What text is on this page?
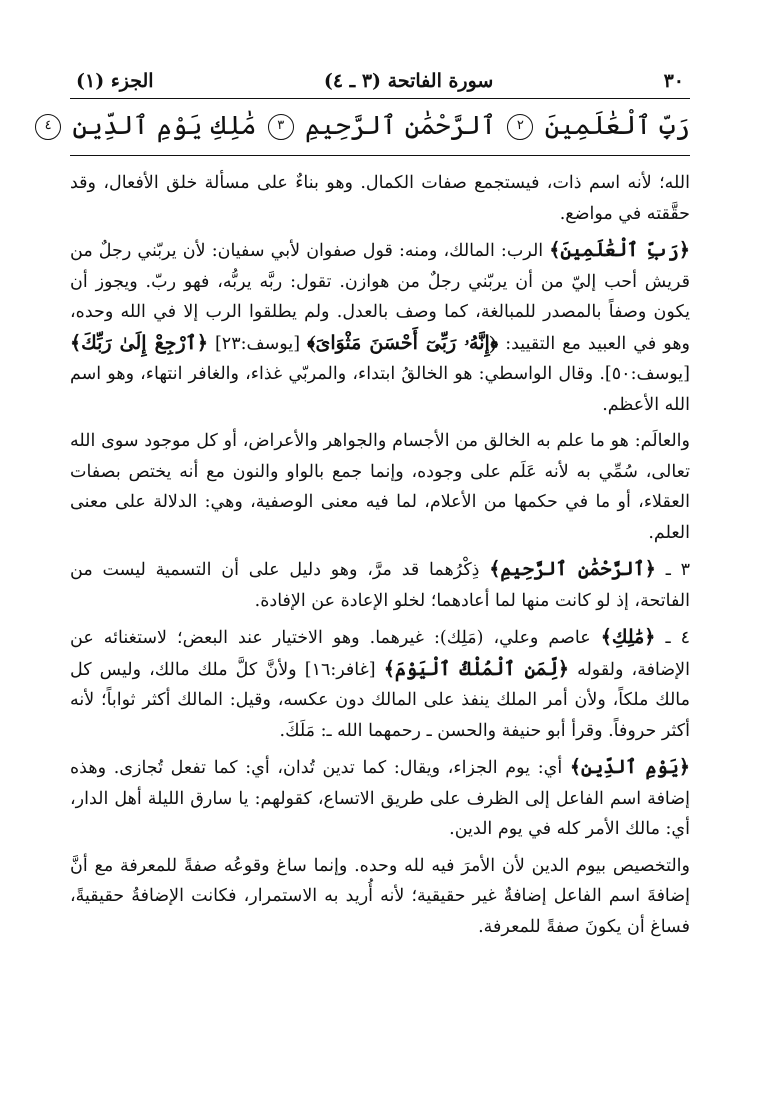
٣٠
سورة الفاتحة (٣ ـ ٤)
الجزء (١)
رَبِّ ٱلْعَٰلَمِينَ ٢ ٱلرَّحْمَٰنِ ٱلرَّحِيمِ ٣ مَٰلِكِ يَوْمِ ٱلدِّينِ ٤

الله؛ لأنه اسم ذات، فيستجمع صفات الكمال. وهو بناءٌ على مسألة خلق الأفعال، وقد حقَّقته في مواضع.

﴿رَبِّ ٱلْعَٰلَمِينَ﴾ الرب: المالك، ومنه: قول صفوان لأبي سفيان: لأن يربّني رجلٌ من قريش أحب إليّ من أن يربّني رجلٌ من هوازن. تقول: ربَّه يربُّه، فهو ربّ. ويجوز أن يكون وصفاً بالمصدر للمبالغة، كما وصف بالعدل. ولم يطلقوا الرب إلا في الله وحده، وهو في العبيد مع التقييد: ﴿إِنَّهُۥ رَبِّىٓ أَحْسَنَ مَثْوَاىَ﴾ [يوسف:٢٣] ﴿ٱرْجِعْ إِلَىٰ رَبِّكَ﴾ [يوسف:٥٠]. وقال الواسطي: هو الخالقُ ابتداء، والمربّي غذاء، والغافر انتهاء، وهو اسم الله الأعظم.

والعالَم: هو ما علم به الخالق من الأجسام والجواهر والأعراض، أو كل موجود سوى الله تعالى، سُمِّي به لأنه عَلَم على وجوده، وإنما جمع بالواو والنون مع أنه يختص بصفات العقلاء، أو ما في حكمها من الأعلام، لما فيه معنى الوصفية، وهي: الدلالة على معنى العلم.

٣ ـ ﴿ٱلرَّحْمَٰنِ ٱلرَّحِيمِ﴾ ذِكْرُهما قد مرَّ، وهو دليل على أن التسمية ليست من الفاتحة، إذ لو كانت منها لما أعادهما؛ لخلو الإعادة عن الإفادة.

٤ ـ ﴿مَٰلِكِ﴾ عاصم وعلي، (مَلِك): غيرهما. وهو الاختيار عند البعض؛ لاستغنائه عن الإضافة، ولقوله ﴿لِّمَنِ ٱلْمُلْكُ ٱلْيَوْمَ﴾ [غافر:١٦] ولأنَّ كلَّ ملك مالك، وليس كل مالك ملكاً، ولأن أمر الملك ينفذ على المالك دون عكسه، وقيل: المالك أكثر ثواباً؛ لأنه أكثر حروفاً. وقرأ أبو حنيفة والحسن ـ رحمهما الله ـ: مَلَكَ.

﴿يَوْمِ ٱلدِّينِ﴾ أي: يوم الجزاء، ويقال: كما تدين تُدان، أي: كما تفعل تُجازى. وهذه إضافة اسم الفاعل إلى الظرف على طريق الاتساع، كقولهم: يا سارق الليلة أهل الدار، أي: مالك الأمر كله في يوم الدين.

والتخصيص بيوم الدين لأن الأمرَ فيه لله وحده. وإنما ساغ وقوعُه صفةً للمعرفة مع أنَّ إضافةَ اسم الفاعل إضافةٌ غير حقيقية؛ لأنه أُريد به الاستمرار، فكانت الإضافةُ حقيقيةً، فساغ أن يكونَ صفةً للمعرفة.
